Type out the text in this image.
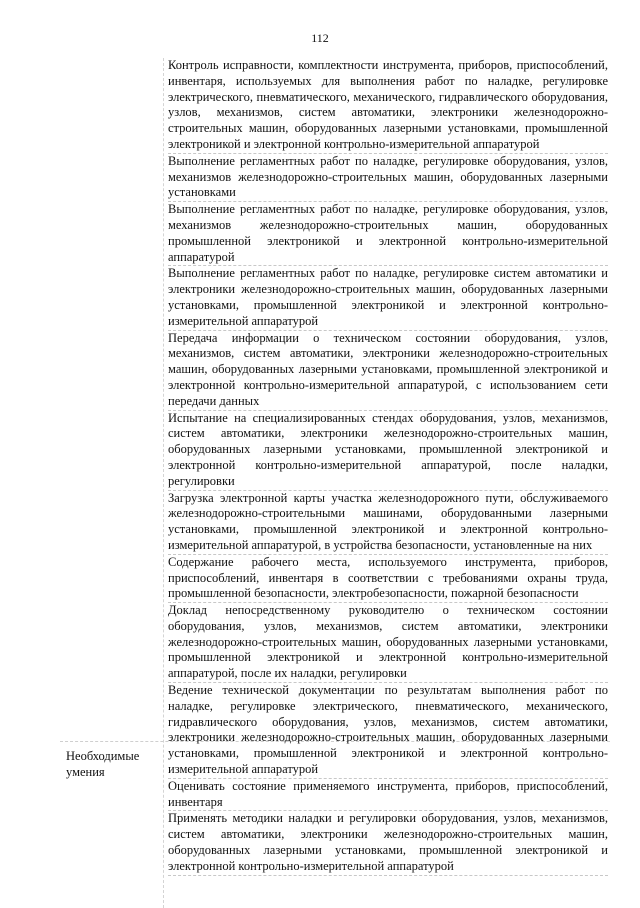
112
Необходимые умения

Контроль исправности, комплектности инструмента, приборов, приспособлений, инвентаря, используемых для выполнения работ по наладке, регулировке электрического, пневматического, механического, гидравлического оборудования, узлов, механизмов, систем автоматики, электроники железнодорожно-строительных машин, оборудованных лазерными установками, промышленной электроникой и электронной контрольно-измерительной аппаратурой

Выполнение регламентных работ по наладке, регулировке оборудования, узлов, механизмов железнодорожно-строительных машин, оборудованных лазерными установками

Выполнение регламентных работ по наладке, регулировке оборудования, узлов, механизмов железнодорожно-строительных машин, оборудованных промышленной электроникой и электронной контрольно-измерительной аппаратурой

Выполнение регламентных работ по наладке, регулировке систем автоматики и электроники железнодорожно-строительных машин, оборудованных лазерными установками, промышленной электроникой и электронной контрольно-измерительной аппаратурой

Передача информации о техническом состоянии оборудования, узлов, механизмов, систем автоматики, электроники железнодорожно-строительных машин, оборудованных лазерными установками, промышленной электроникой и электронной контрольно-измерительной аппаратурой, с использованием сети передачи данных

Испытание на специализированных стендах оборудования, узлов, механизмов, систем автоматики, электроники железнодорожно-строительных машин, оборудованных лазерными установками, промышленной электроникой и электронной контрольно-измерительной аппаратурой, после наладки, регулировки

Загрузка электронной карты участка железнодорожного пути, обслуживаемого железнодорожно-строительными машинами, оборудованными лазерными установками, промышленной электроникой и электронной контрольно-измерительной аппаратурой, в устройства безопасности, установленные на них

Содержание рабочего места, используемого инструмента, приборов, приспособлений, инвентаря в соответствии с требованиями охраны труда, промышленной безопасности, электробезопасности, пожарной безопасности

Доклад непосредственному руководителю о техническом состоянии оборудования, узлов, механизмов, систем автоматики, электроники железнодорожно-строительных машин, оборудованных лазерными установками, промышленной электроникой и электронной контрольно-измерительной аппаратурой, после их наладки, регулировки

Ведение технической документации по результатам выполнения работ по наладке, регулировке электрического, пневматического, механического, гидравлического оборудования, узлов, механизмов, систем автоматики, электроники железнодорожно-строительных машин, оборудованных лазерными установками, промышленной электроникой и электронной контрольно-измерительной аппаратурой

Оценивать состояние применяемого инструмента, приборов, приспособлений, инвентаря

Применять методики наладки и регулировки оборудования, узлов, механизмов, систем автоматики, электроники железнодорожно-строительных машин, оборудованных лазерными установками, промышленной электроникой и электронной контрольно-измерительной аппаратурой
